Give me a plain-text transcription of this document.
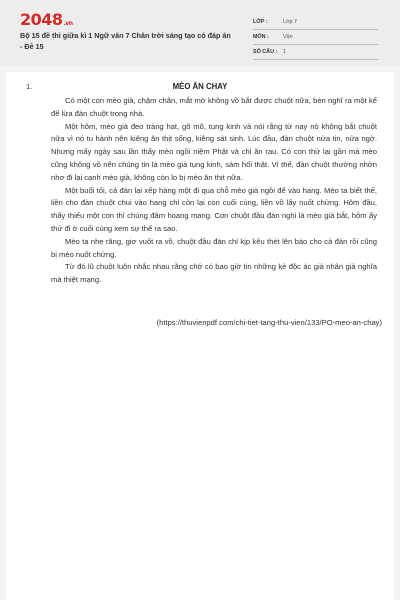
2048.vn
Bộ 15 đề thi giữa kì 1 Ngữ văn 7 Chân trời sáng tạo có đáp án - Đề 15
LỚP :	Lớp 7
MÔN :	Văn
SỐ CÂU : 1
1.	MÈO ĂN CHAY

Có một con mèo già, chậm chân, mắt mờ không vồ bắt được chuột nữa, bèn nghĩ ra một kế để lừa đàn chuột trong nhà.

Một hôm, mèo già đeo tràng hạt, gõ mõ, tụng kinh và nói rằng từ nay nó không bắt chuột nữa vì nó tu hành nên kiêng ăn thịt sống, kiêng sát sinh. Lúc đầu, đàn chuột nửa tin, nửa ngờ. Nhưng mấy ngày sau lần thấy mèo ngồi niệm Phật và chỉ ăn rau. Có con thử lại gần mà mèo cũng không vồ nên chúng tin là mèo già tụng kinh, sám hối thật. Vì thế, đàn chuột thường nhởn nhơ đi lại cạnh mèo già, không còn lo bị mèo ăn thịt nữa.

Một buổi tối, cả đàn lại xếp hàng một đi qua chỗ mèo già ngồi để vào hang. Mèo ta biết thế, liền cho đàn chuột chui vào hang chỉ còn lại con cuối cùng, liền vồ lấy nuốt chửng. Hôm đầu, thấy thiếu một con thì chúng đâm hoang mang. Con chuột đầu đàn nghi là mèo già bắt, hôm ấy thử đi ở cuối cùng xem sự thể ra sao.

Mèo ta nhe răng, giơ vuốt ra vồ, chuột đầu đàn chỉ kịp kêu thét lên báo cho cả đàn rồi cũng bị mèo nuốt chửng.

Từ đó lũ chuột luôn nhắc nhau rằng chớ có bao giờ tin những kẻ độc ác giả nhân giả nghĩa mà thiệt mạng.

(https://thuvienpdf.com/chi-tiet-tang-thu-vien/133/PO-meo-an-chay)
